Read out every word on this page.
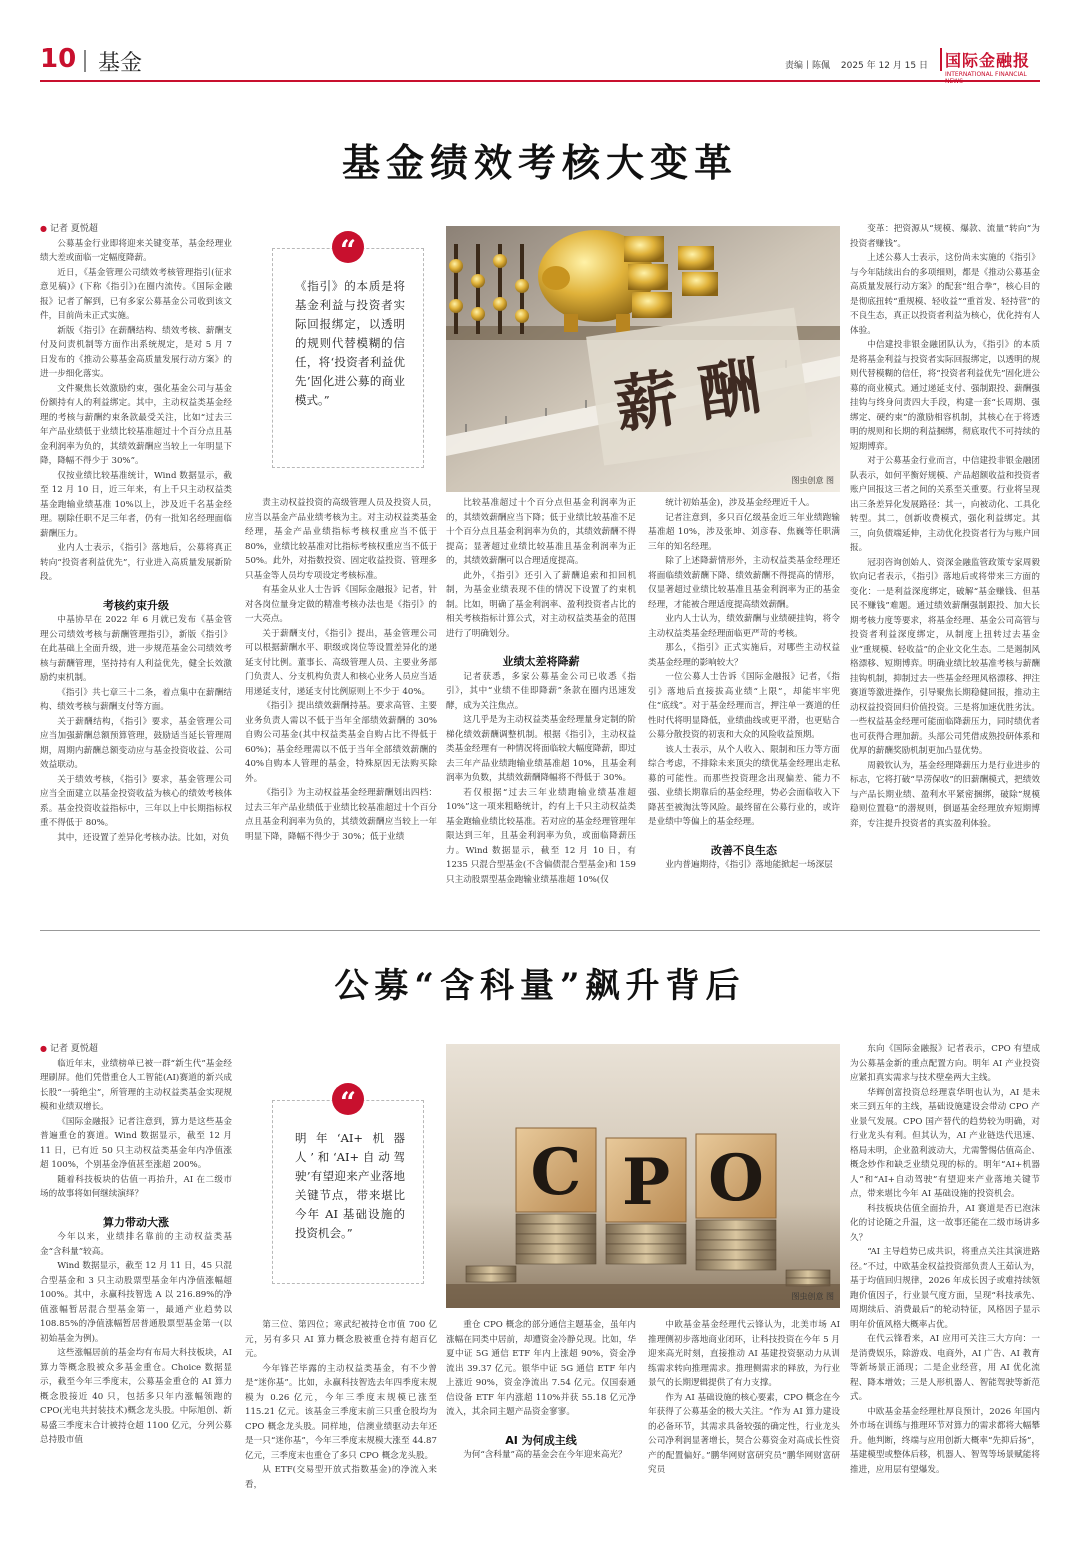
10 基金	责编丨陈佩 2025 年 12 月 15 日	国际金融报
INTERNATIONAL FINANCIAL
基金绩效考核大变革

● 记者 夏悦超

公募基金行业即将迎来关键变革，基金经理业绩大差或面临一定幅度降薪。

近日，《基金管理公司绩效考核管理指引(征求意见稿)》(下称《指引》)在圈内流传。《国际金融报》记者了解到，已有多家公募基金公司收到该文件，目前尚未正式实施。

新版《指引》在薪酬结构、绩效考核、薪酬支付及问责机制等方面作出系统规定，是对 5 月 7 日发布的《推动公募基金高质量发展行动方案》的进一步细化落实。

文件聚焦长效激励约束，强化基金公司与基金份额持有人的利益绑定。其中，主动权益类基金经理的考核与薪酬约束条款最受关注，比如“过去三年产品业绩低于业绩比较基准超过十个百分点且基金利润率为负的，其绩效薪酬应当较上一年明显下降，降幅不得少于 30%”。

仅按业绩比较基准统计，Wind 数据显示，截至 12 月 10 日，近三年来，有上千只主动权益类基金跑输业绩基准 10%以上，涉及近千名基金经理。剔除任职不足三年者，仍有一批知名经理面临薪酬压力。

业内人士表示，《指引》落地后，公募将真正转向“投资者利益优先”，行业进入高质量发展新阶段。

考核约束升级

中基协早在 2022 年 6 月就已发布《基金管理公司绩效考核与薪酬管理指引》，新版《指引》在此基础上全面升级，进一步规范基金公司绩效考核与薪酬管理，坚持持有人利益优先，健全长效激励约束机制。

《指引》共七章三十二条，着点集中在薪酬结构、绩效考核与薪酬支付等方面。

关于薪酬结构，《指引》要求，基金管理公司应当加强薪酬总额预算管理，鼓励适当延长管理周期，周期内薪酬总额变动应与基金投资收益、公司效益联动。

关于绩效考核，《指引》要求，基金管理公司应当全面建立以基金投资收益为核心的绩效考核体系。基金投资收益指标中，三年以上中长期指标权重不得低于 80%。

其中，还设置了差异化考核办法。比如，对负

“
《指引》的本质是将基金利益与投资者实际回报绑定，以透明的规则代替模糊的信任，将‘投资者利益优先’固化进公募的商业模式。”	薪 酬
图虫创意 图

责主动权益投资的高级管理人员及投资人员，应当以基金产品业绩考核为主。对主动权益类基金经理，基金产品业绩指标考核权重应当不低于 80%，业绩比较基准对比指标考核权重应当不低于 50%。此外，对指数投资、固定收益投资、管理多只基金等人员均专项设定考核标准。

有基金从业人士告诉《国际金融报》记者，针对各岗位量身定做的精准考核办法也是《指引》的一大亮点。

关于薪酬支付，《指引》提出，基金管理公司可以根据薪酬水平、职级或岗位等设置差异化的递延支付比例。董事长、高级管理人员、主要业务部门负责人、分支机构负责人和核心业务人员应当适用递延支付，递延支付比例原则上不少于 40%。

《指引》提出绩效薪酬持基。要求高管、主要业务负责人需以不低于当年全部绩效薪酬的 30%自购公司基金(其中权益类基金自购占比不得低于 60%)；基金经理需以不低于当年全部绩效薪酬的 40%自购本人管理的基金，特殊原因无法购买除外。

《指引》为主动权益基金经理薪酬划出四档：过去三年产品业绩低于业绩比较基准超过十个百分点且基金利润率为负的，其绩效薪酬应当较上一年明显下降，降幅不得少于 30%；低于业绩

比较基准超过十个百分点但基金利润率为正的，其绩效薪酬应当下降；低于业绩比较基准不足十个百分点且基金利润率为负的，其绩效薪酬不得提高；显著超过业绩比较基准且基金利润率为正的，其绩效薪酬可以合理适度提高。

此外，《指引》还引入了薪酬追索和扣回机制，为基金业绩表现不佳的情况下设置了约束机制。比如，明确了基金利润率、盈利投资者占比的相关考核指标计算公式，对主动权益类基金的范围进行了明确划分。

业绩太差将降薪

记者获悉，多家公募基金公司已收悉《指引》，其中“业绩不佳即降薪”条款在圈内迅速发酵，成为关注焦点。

这几乎是为主动权益类基金经理量身定制的阶梯化绩效薪酬调整机制。根据《指引》，主动权益类基金经理有一种情况将面临较大幅度降薪，即过去三年产品业绩跑输业绩基准超 10%，且基金利润率为负数，其绩效薪酬降幅将不得低于 30%。

若仅根据“过去三年业绩跑输业绩基准超 10%”这一项来粗略统计，约有上千只主动权益类基金跑输业绩比较基准。若对应的基金经理管理年限达到三年，且基金利润率为负，或面临降薪压力。Wind 数据显示，截至 12 月 10 日，有 1235 只混合型基金(不含偏债混合型基金)和 159 只主动股票型基金跑输业绩基准超 10%(仅

统计初始基金)，涉及基金经理近千人。

记者注意到，多只百亿级基金近三年业绩跑输基准超 10%，涉及张坤、刘彦春、焦巍等任职满三年的知名经理。

除了上述降薪情形外，主动权益类基金经理还将面临绩效薪酬下降、绩效薪酬不得提高的情形，仅显著超过业绩比较基准且基金利润率为正的基金经理，才能被合理适度提高绩效薪酬。

业内人士认为，绩效薪酬与业绩硬挂钩，将令主动权益类基金经理面临更严苛的考核。

那么，《指引》正式实施后，对哪些主动权益类基金经理的影响较大？

一位公募人士告诉《国际金融报》记者，《指引》落地后直接拔高业绩“上限”，却能牢牢兜住“底线”。对于基金经理而言，押注单一赛道的任性时代将明显降低，业绩曲线或更平滑，也更贴合公募分散投资的初衷和大众的风险收益预期。

该人士表示，从个人收入、限制和压力等方面综合考虑，不排除未来顶尖的绩优基金经理出走私募的可能性。而那些投资理念出现偏差、能力不强、业绩长期靠后的基金经理，势必会面临收入下降甚至被淘汰等风险。最终留在公募行业的，或许是业绩中等偏上的基金经理。

改善不良生态

业内普遍期待，《指引》落地能掀起一场深层

变革：把资源从“规模、爆款、流量”转向“为投资者赚钱”。

上述公募人士表示，这份尚未实施的《指引》与今年陆续出台的多项细则，都是《推动公募基金高质量发展行动方案》的配套“组合拳”，核心目的是彻底扭转“重规模、轻收益”“重首发、轻持营”的不良生态，真正以投资者利益为核心，优化持有人体验。

中信建投非银金融团队认为，《指引》的本质是将基金利益与投资者实际回报绑定，以透明的规则代替模糊的信任，将“投资者利益优先”固化进公募的商业模式。通过递延支付、强制跟投、薪酬强挂钩与终身问责四大手段，构建一套“长周期、强绑定、硬约束”的激励相容机制，其核心在于将透明的规则和长期的利益捆绑，彻底取代不可持续的短期博弈。

对于公募基金行业而言，中信建投非银金融团队表示，如何平衡好规模、产品超额收益和投资者账户回报这三者之间的关系至关重要。行业将呈现出三条差异化发展路径：其一，向被动化、工具化转型。其二，创新收费模式，强化利益绑定。其三，向负债端延伸，主动优化投资者行为与账户回报。

冠羽咨询创始人、资深金融监管政策专家周毅钦向记者表示，《指引》落地后或将带来三方面的变化：一是利益深度绑定，破解“基金赚钱、但基民不赚钱”难题。通过绩效薪酬强制跟投、加大长期考核力度等要求，将基金经理、基金公司高管与投资者利益深度绑定，从制度上扭转过去基金业“重规模、轻收益”的企业文化生态。二是遏制风格漂移、短期博弈。明确业绩比较基准考核与薪酬挂钩机制，抑制过去一些基金经理风格漂移、押注赛道等激进操作，引导聚焦长期稳健回报，推动主动权益投资回归价值投资。三是将加速优胜劣汰。一些权益基金经理可能面临降薪压力，同时绩优者也可获得合理加薪。头部公司凭借成熟投研体系和优厚的薪酬奖励机制更加凸显优势。

周毅钦认为，基金经理降薪压力是行业进步的标志，它将打破“旱涝保收”的旧薪酬模式，把绩效与产品长期业绩、盈利水平紧密捆绑，破除“规模稳则位置稳”的潜规则，倒逼基金经理放弃短期博弈，专注提升投资者的真实盈利体验。

公募“含科量”飙升背后

● 记者 夏悦超

临近年末，业绩榜单已被一群“新生代”基金经理刷屏。他们凭借重仓人工智能(AI)赛道的新兴成长股“一骑绝尘”，所管理的主动权益类基金实现规模和业绩双增长。

《国际金融报》记者注意到，算力是这些基金普遍重仓的赛道。Wind 数据显示，截至 12 月 11 日，已有近 50 只主动权益类基金年内净值涨超 100%，个别基金净值甚至涨超 200%。

随着科技板块的估值一再抬升，AI 在二级市场的故事将如何继续演绎？

算力带动大涨

今年以来，业绩排名靠前的主动权益类基金“含科量”较高。

Wind 数据显示，截至 12 月 11 日，45 只混合型基金和 3 只主动股票型基金年内净值涨幅超 100%。其中，永赢科技智选 A 以 216.89%的净值涨幅暂居混合型基金第一，最通产业趋势以 108.85%的净值涨幅暂居普通股票型基金第一(以初始基金为例)。

这些涨幅居前的基金均有布局大科技板块，AI 算力等概念股被众多基金重仓。Choice 数据显示，截至今年三季度末，公募基金重仓的 AI 算力概念股接近 40 只，包括多只年内涨幅领跑的 CPO(光电共封装技术)概念龙头股。中际旭创、新易盛三季度末合计被持仓超 1100 亿元，分列公募总持股市值

“
明年‘AI+机器人’和‘AI+自动驾驶’有望迎来产业落地关键节点，带来堪比今年 AI 基础设施的投资机会。”
C P O
图虫创意 图

第三位、第四位；寒武纪被持仓市值 700 亿元，另有多只 AI 算力概念股被重仓持有超百亿元。

今年锋芒毕露的主动权益类基金，有不少曾是“迷你基”。比如，永赢科技智选去年四季度末规模为 0.26 亿元，今年三季度末规模已涨至 115.21 亿元。该基金三季度末前三只重仓股均为 CPO 概念龙头股。同样地，信澳业绩驱动去年还是一只“迷你基”，今年三季度末规模大涨至 44.87 亿元，三季度末也重仓了多只 CPO 概念龙头股。

从 ETF(交易型开放式指数基金)的净流入来看，

重仓 CPO 概念的部分通信主题基金，虽年内涨幅在同类中居前，却遭资金冷静兑现。比如，华夏中证 5G 通信 ETF 年内上涨超 90%，资金净流出 39.37 亿元。银华中证 5G 通信 ETF 年内上涨近 90%，资金净流出 7.54 亿元。仅国泰通信设备 ETF 年内涨超 110%并获 55.18 亿元净流入，其余同主题产品资金寥寥。

AI 为何成主线

为何“含科量”高的基金会在今年迎来高光？

中欧基金基金经理代云锋认为，北美市场 AI 推理侧初步落地商业闭环，让科技投资在今年 5 月迎来高光时刻，直接推动 AI 基建投资驱动力从训练需求转向推理需求。推理侧需求的释放，为行业景气的长期逻辑提供了有力支撑。

作为 AI 基础设施的核心要素，CPO 概念在今年获得了公募基金的极大关注。“作为 AI 算力建设的必备环节，其需求具备较强的确定性，行业龙头公司净利润显著增长，契合公募资金对高成长性资产的配置偏好。”鹏华网财富研究员”鹏华网财富研究员

东向《国际金融报》记者表示，CPO 有望成为公募基金新的重点配置方向。明年 AI 产业投资应紧扣真实需求与技术壁垒两大主线。

华辉创富投资总经理袁华明也认为，AI 是未来三到五年的主线，基础设施建设会带动 CPO 产业景气发展。CPO 国产替代的趋势较为明确，对行业龙头有利。但其认为，AI 产业链迭代迅速、格局未明，企业盈利波动大，尤需警惕估值高企、概念炒作和缺乏业绩兑现的标的。明年“AI+机器人”和“AI+自动驾驶”有望迎来产业落地关键节点，带来堪比今年 AI 基础设施的投资机会。

科技板块估值全面抬升，AI 赛道是否已泡沫化的讨论随之升温，这一故事还能在二级市场讲多久？

“AI 主导趋势已成共识，将重点关注其演进路径。”不过，中欧基金权益投资部负责人王茹认为，基于均值回归规律，2026 年成长因子或难持续领跑价值因子，行业景气度方面，呈现“科技承先、周期续后、消费最后”的轮动特征，风格因子显示明年价值风格大概率占优。

在代云锋看来，AI 应用可关注三大方向：一是消费娱乐，除游戏、电商外，AI 广告、AI 教育等新场景正涌现；二是企业经营，用 AI 优化流程、降本增效；三是人形机器人、智能驾驶等新范式。

中欧基金基金经理杜厚良预计，2026 年国内外市场在训练与推理环节对算力的需求都将大幅攀升。他判断，终端与应用创新大概率“先抑后扬”，基建模型或整体后移，机器人、智驾等场景赋能将推进，应用层有望爆发。
